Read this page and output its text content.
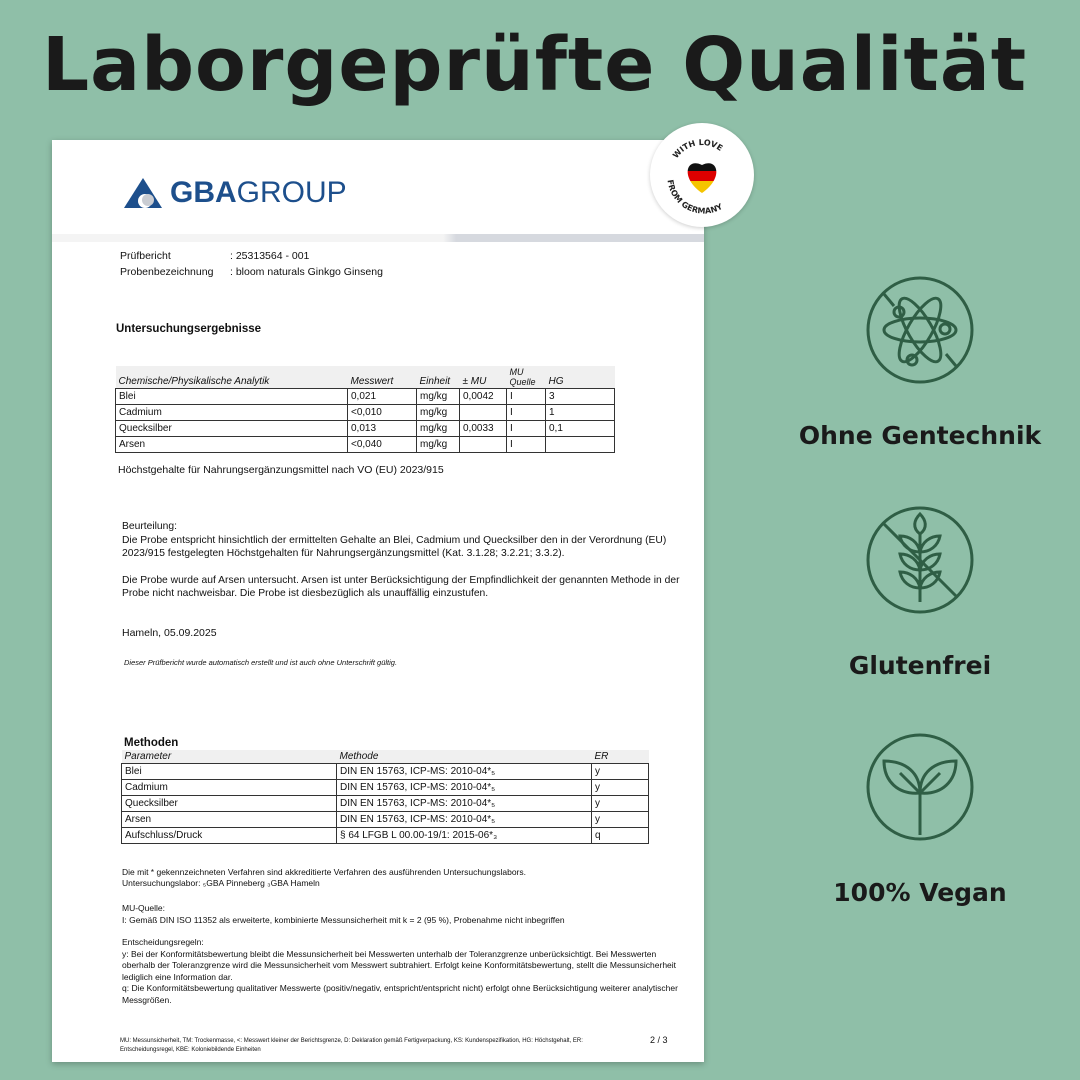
Laborgeprüfte Qualität
GBA GROUP
Prüfbericht	: 25313564 - 001
Probenbezeichnung : bloom naturals Ginkgo Ginseng
Untersuchungsergebnisse
Chemische/Physikalische Analytik	Messwert	Einheit	± MU	MU Quelle	HG
Blei	0,021	mg/kg	0,0042	I	3
Cadmium	<0,010	mg/kg		I	1
Quecksilber	0,013	mg/kg	0,0033	I	0,1
Arsen	<0,040	mg/kg		I	
Höchstgehalte für Nahrungsergänzungsmittel nach VO (EU) 2023/915
Beurteilung:
Die Probe entspricht hinsichtlich der ermittelten Gehalte an Blei, Cadmium und Quecksilber den in der Verordnung (EU) 2023/915 festgelegten Höchstgehalten für Nahrungsergänzungsmittel (Kat. 3.1.28; 3.2.21; 3.3.2).
Die Probe wurde auf Arsen untersucht. Arsen ist unter Berücksichtigung der Empfindlichkeit der genannten Methode in der Probe nicht nachweisbar. Die Probe ist diesbezüglich als unauffällig einzustufen.
Hameln, 05.09.2025
Dieser Prüfbericht wurde automatisch erstellt und ist auch ohne Unterschrift gültig.
Methoden
Parameter	Methode	ER
Blei	DIN EN 15763, ICP-MS: 2010-04*₅	y
Cadmium	DIN EN 15763, ICP-MS: 2010-04*₅	y
Quecksilber	DIN EN 15763, ICP-MS: 2010-04*₅	y
Arsen	DIN EN 15763, ICP-MS: 2010-04*₅	y
Aufschluss/Druck	§ 64 LFGB L 00.00-19/1: 2015-06*₃	q
Die mit * gekennzeichneten Verfahren sind akkreditierte Verfahren des ausführenden Untersuchungslabors.
Untersuchungslabor: ₅GBA Pinneberg ₃GBA Hameln
MU-Quelle:
I: Gemäß DIN ISO 11352 als erweiterte, kombinierte Messunsicherheit mit k = 2 (95 %), Probenahme nicht inbegriffen
Entscheidungsregeln:
y: Bei der Konformitätsbewertung bleibt die Messunsicherheit bei Messwerten unterhalb der Toleranzgrenze unberücksichtigt. Bei Messwerten oberhalb der Toleranzgrenze wird die Messunsicherheit vom Messwert subtrahiert. Erfolgt keine Konformitätsbewertung, stellt die Messunsicherheit lediglich eine Information dar.
q: Die Konformitätsbewertung qualitativer Messwerte (positiv/negativ, entspricht/entspricht nicht) erfolgt ohne Berücksichtigung weiterer analytischer Messgrößen.
MU: Messunsicherheit, TM: Trockenmasse, <: Messwert kleiner der Berichtsgrenze, D: Deklaration gemäß Fertigverpackung, KS: Kundenspezifikation, HG: Höchstgehalt, ER: Entscheidungsregel, KBE: Koloniebildende Einheiten
2 / 3
WITH LOVE
FROM GERMANY
Ohne Gentechnik
Glutenfrei
100% Vegan
